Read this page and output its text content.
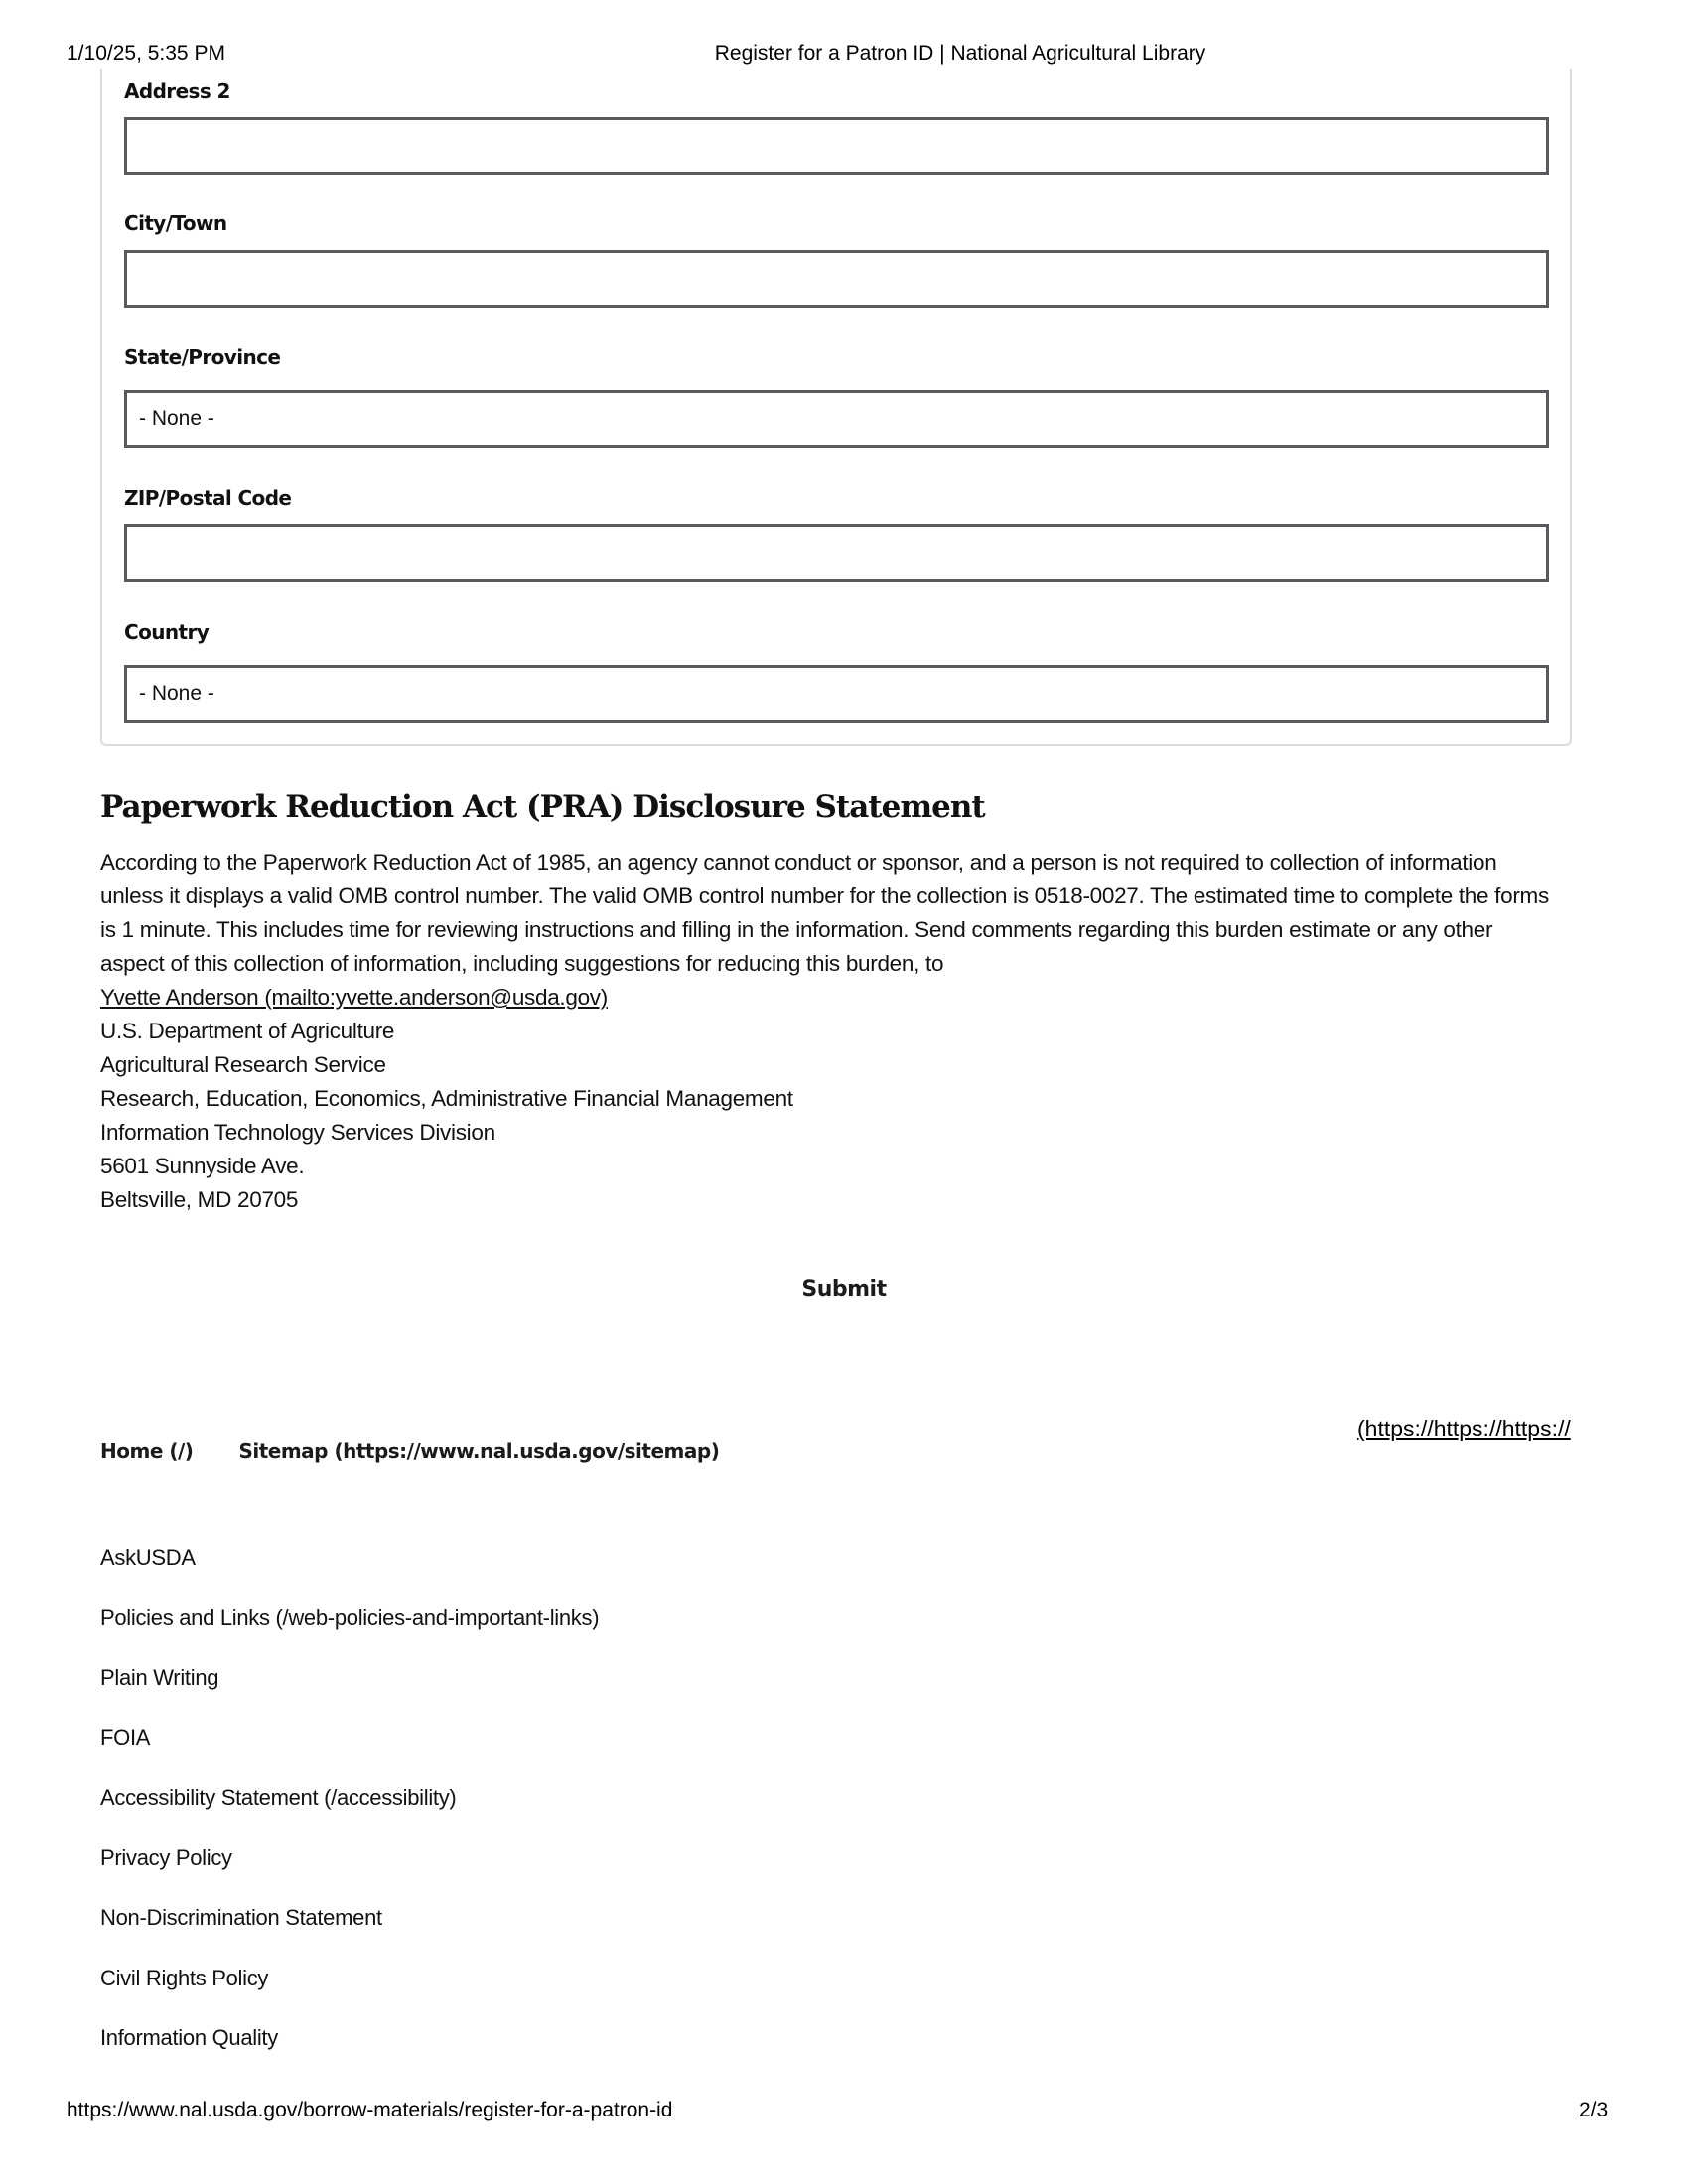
1/10/25, 5:35 PM	Register for a Patron ID | National Agricultural Library
Address 2
City/Town
State/Province
- None -
ZIP/Postal Code
Country
- None -
Paperwork Reduction Act (PRA) Disclosure Statement

According to the Paperwork Reduction Act of 1985, an agency cannot conduct or sponsor, and a person is not required to collection of information unless it displays a valid OMB control number. The valid OMB control number for the collection is 0518-0027. The estimated time to complete the forms is 1 minute. This includes time for reviewing instructions and filling in the information. Send comments regarding this burden estimate or any other aspect of this collection of information, including suggestions for reducing this burden, to

Yvette Anderson (mailto:yvette.anderson@usda.gov)

U.S. Department of Agriculture

Agricultural Research Service

Research, Education, Economics, Administrative Financial Management

Information Technology Services Division

5601 Sunnyside Ave.

Beltsville, MD 20705

Submit
(https://https://https://
Home (/) Sitemap (https://www.nal.usda.gov/sitemap)
AskUSDA
Policies and Links (/web-policies-and-important-links)
Plain Writing
FOIA
Accessibility Statement (/accessibility)
Privacy Policy
Non-Discrimination Statement
Civil Rights Policy
Information Quality
https://www.nal.usda.gov/borrow-materials/register-for-a-patron-id	2/3
